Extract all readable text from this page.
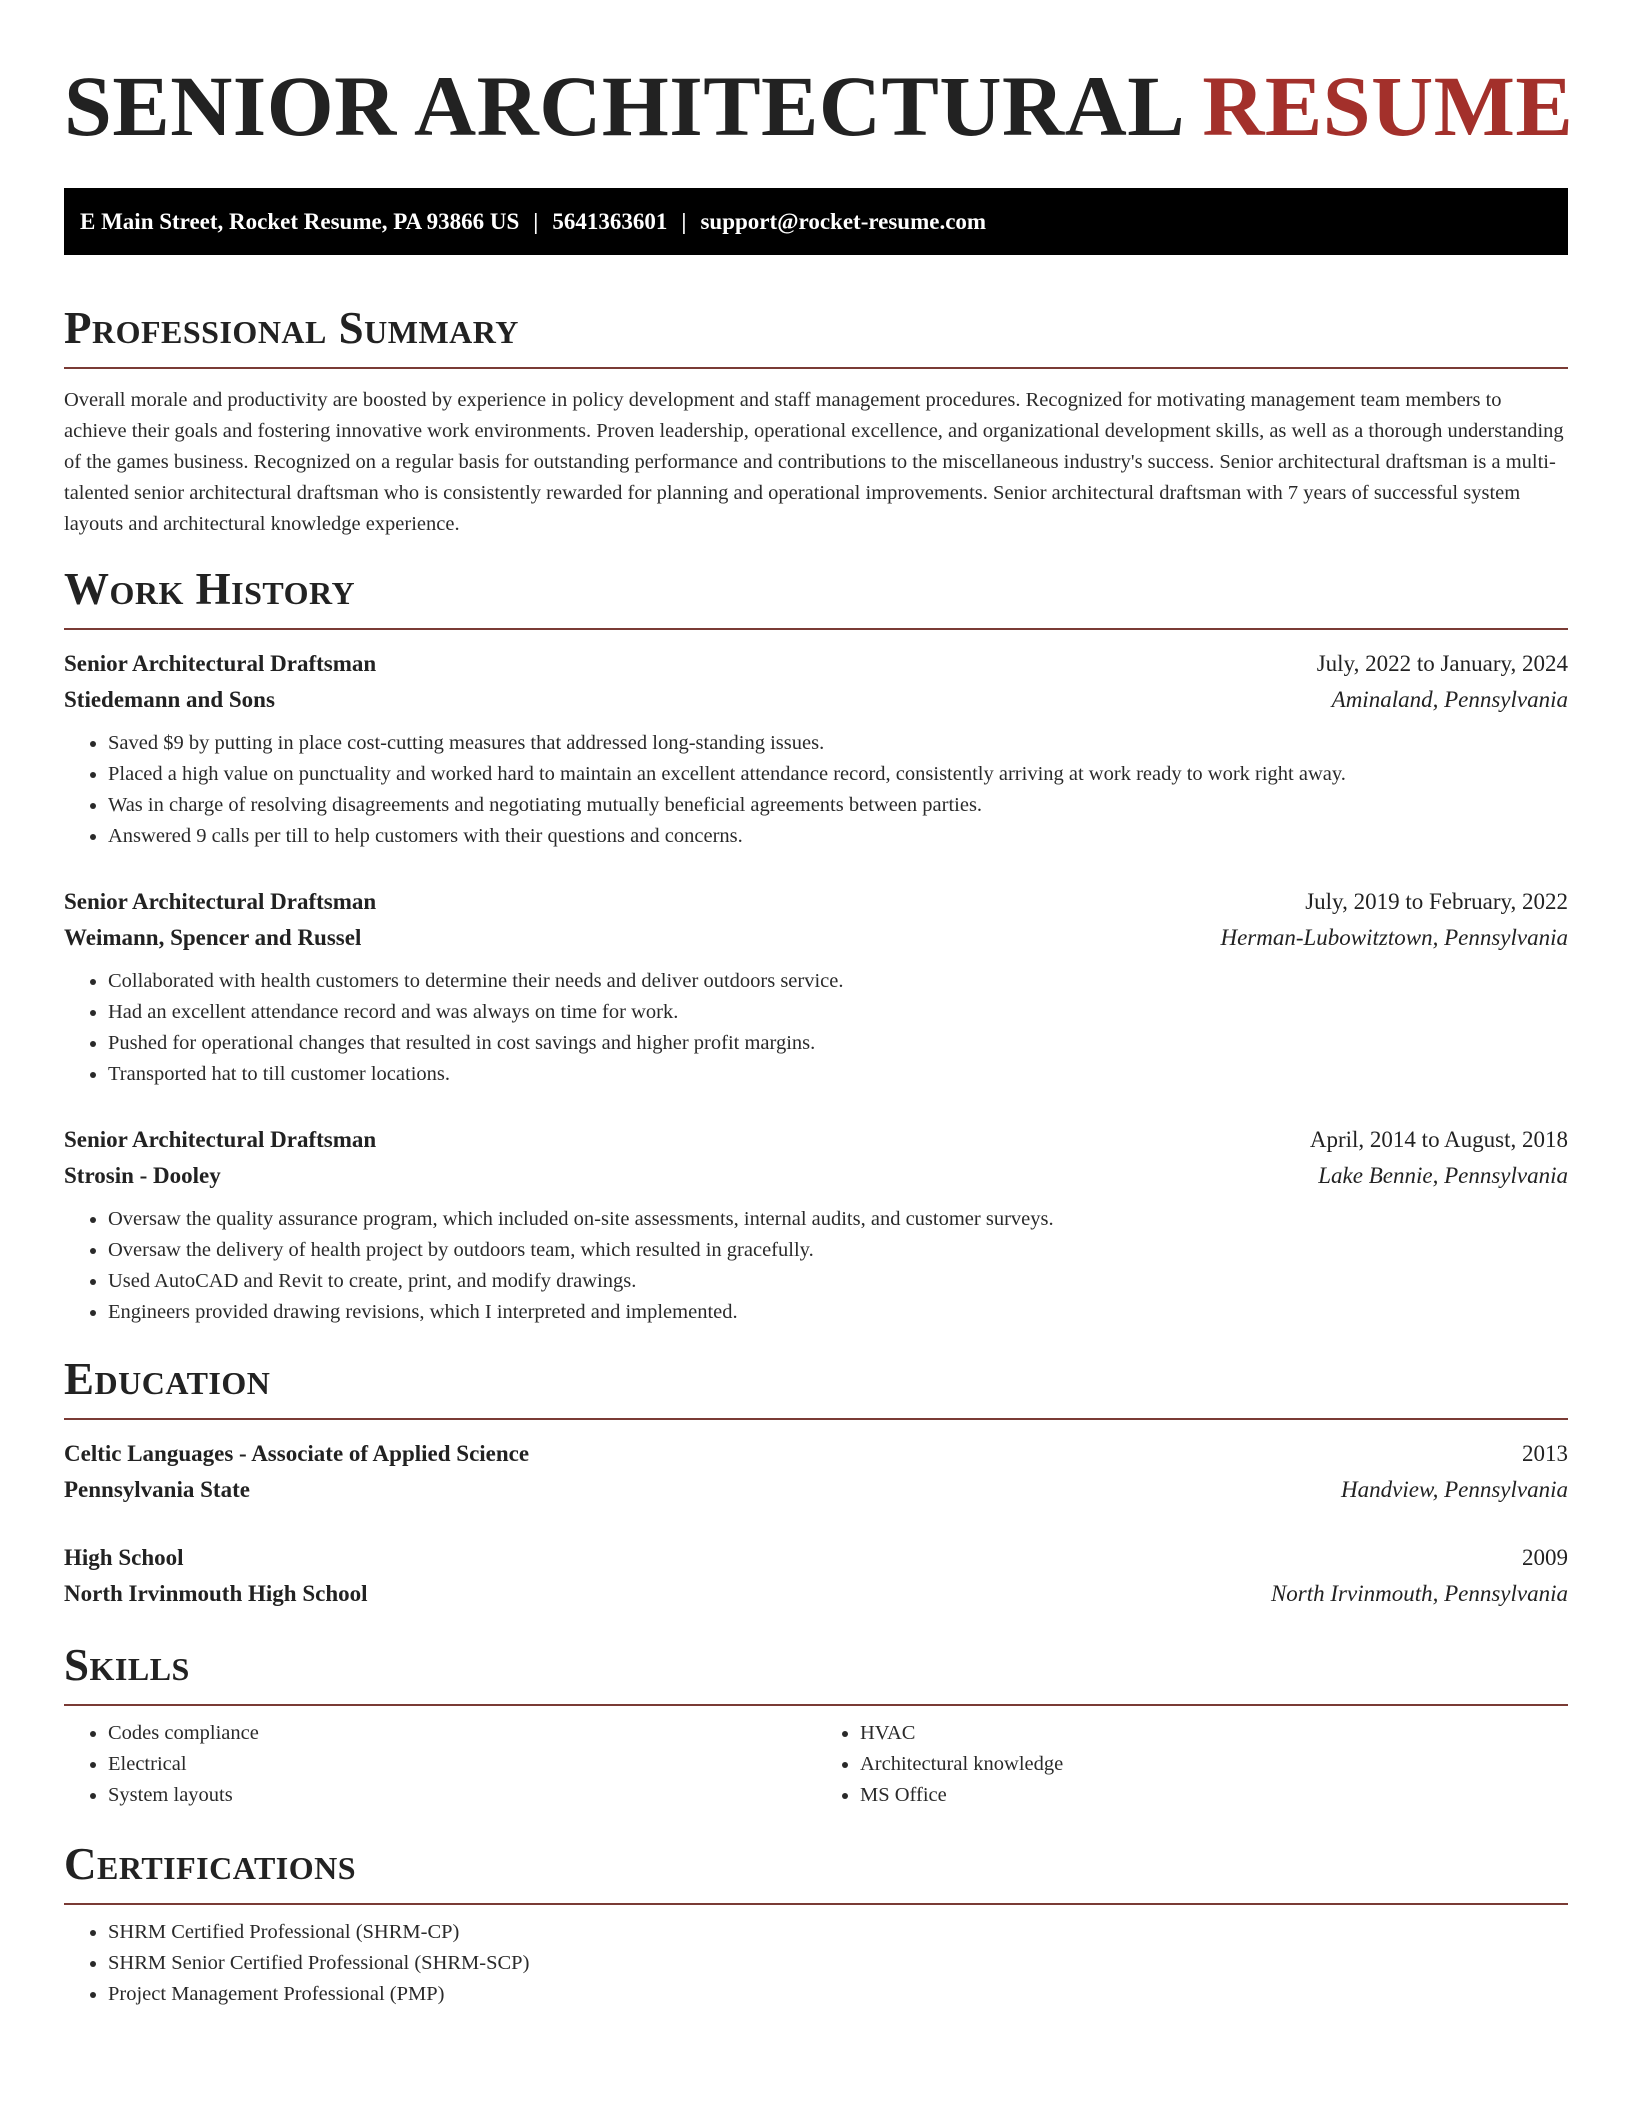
SENIOR ARCHITECTURAL RESUME
E Main Street, Rocket Resume, PA 93866 US | 5641363601 | support@rocket-resume.com
Professional Summary
Overall morale and productivity are boosted by experience in policy development and staff management procedures. Recognized for motivating management team members to achieve their goals and fostering innovative work environments. Proven leadership, operational excellence, and organizational development skills, as well as a thorough understanding of the games business. Recognized on a regular basis for outstanding performance and contributions to the miscellaneous industry's success. Senior architectural draftsman is a multi-talented senior architectural draftsman who is consistently rewarded for planning and operational improvements. Senior architectural draftsman with 7 years of successful system layouts and architectural knowledge experience.
Work History
Senior Architectural Draftsman	July, 2022 to January, 2024
Stiedemann and Sons	Aminaland, Pennsylvania
• Saved $9 by putting in place cost-cutting measures that addressed long-standing issues.
• Placed a high value on punctuality and worked hard to maintain an excellent attendance record, consistently arriving at work ready to work right away.
• Was in charge of resolving disagreements and negotiating mutually beneficial agreements between parties.
• Answered 9 calls per till to help customers with their questions and concerns.
Senior Architectural Draftsman	July, 2019 to February, 2022
Weimann, Spencer and Russel	Herman-Lubowitztown, Pennsylvania
• Collaborated with health customers to determine their needs and deliver outdoors service.
• Had an excellent attendance record and was always on time for work.
• Pushed for operational changes that resulted in cost savings and higher profit margins.
• Transported hat to till customer locations.
Senior Architectural Draftsman	April, 2014 to August, 2018
Strosin - Dooley	Lake Bennie, Pennsylvania
• Oversaw the quality assurance program, which included on-site assessments, internal audits, and customer surveys.
• Oversaw the delivery of health project by outdoors team, which resulted in gracefully.
• Used AutoCAD and Revit to create, print, and modify drawings.
• Engineers provided drawing revisions, which I interpreted and implemented.
Education
Celtic Languages - Associate of Applied Science	2013
Pennsylvania State	Handview, Pennsylvania
High School	2009
North Irvinmouth High School	North Irvinmouth, Pennsylvania
Skills
• Codes compliance
• Electrical
• System layouts
• HVAC
• Architectural knowledge
• MS Office
Certifications
• SHRM Certified Professional (SHRM-CP)
• SHRM Senior Certified Professional (SHRM-SCP)
• Project Management Professional (PMP)
